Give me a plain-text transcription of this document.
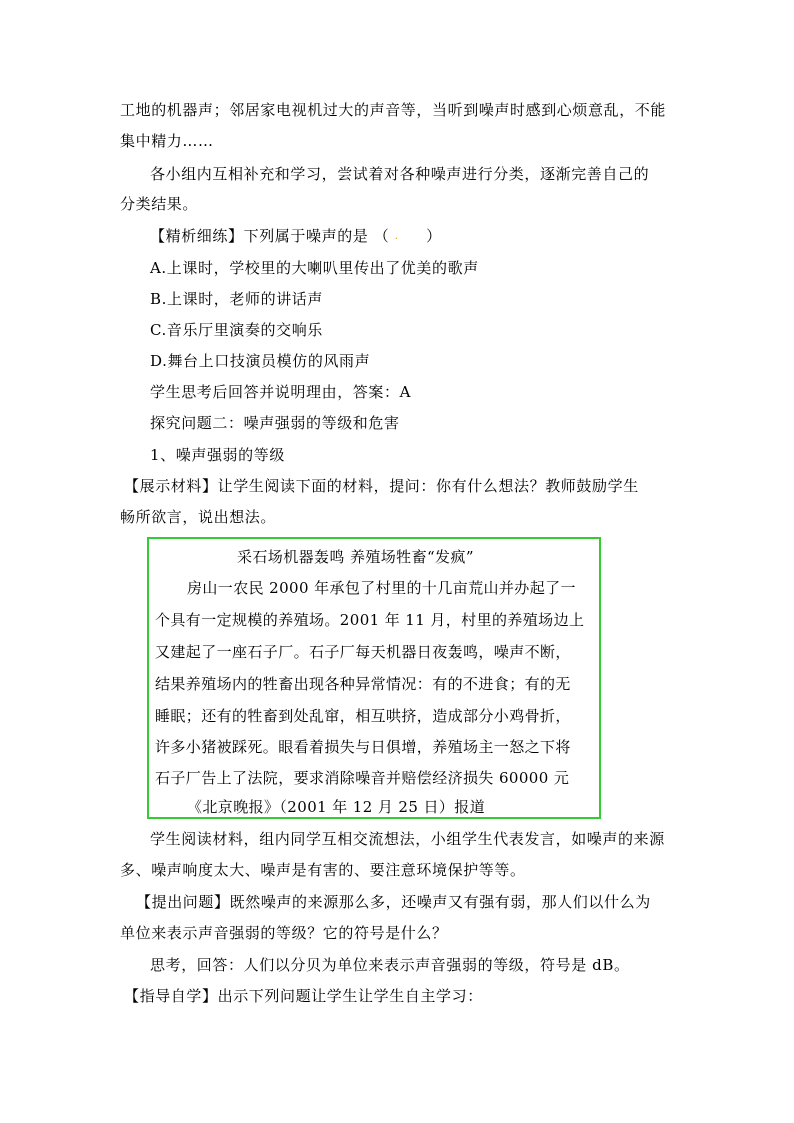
工地的机器声；邻居家电视机过大的声音等，当听到噪声时感到心烦意乱，不能
集中精力……
各小组内互相补充和学习，尝试着对各种噪声进行分类，逐渐完善自己的
分类结果。
【精析细练】下列属于噪声的是 （ . ）
A.上课时，学校里的大喇叭里传出了优美的歌声
B.上课时，老师的讲话声
C.音乐厅里演奏的交响乐
D.舞台上口技演员模仿的风雨声
学生思考后回答并说明理由，答案：A
探究问题二：噪声强弱的等级和危害
1、噪声强弱的等级
【展示材料】让学生阅读下面的材料，提问：你有什么想法？教师鼓励学生
畅所欲言，说出想法。
采石场机器轰鸣 养殖场牲畜“发疯”
房山一农民 2000 年承包了村里的十几亩荒山并办起了一
个具有一定规模的养殖场。2001 年 11 月，村里的养殖场边上
又建起了一座石子厂。石子厂每天机器日夜轰鸣，噪声不断，
结果养殖场内的牲畜出现各种异常情况：有的不进食；有的无
睡眠；还有的牲畜到处乱窜，相互哄挤，造成部分小鸡骨折，
许多小猪被踩死。眼看着损失与日俱增，养殖场主一怒之下将
石子厂告上了法院，要求消除噪音并赔偿经济损失 60000 元
《北京晚报》（2001 年 12 月 25 日）报道
学生阅读材料，组内同学互相交流想法，小组学生代表发言，如噪声的来源
多、噪声响度太大、噪声是有害的、要注意环境保护等等。
【提出问题】既然噪声的来源那么多，还噪声又有强有弱，那人们以什么为
单位来表示声音强弱的等级？它的符号是什么？
思考，回答：人们以分贝为单位来表示声音强弱的等级，符号是 dB。
【指导自学】出示下列问题让学生让学生自主学习：
